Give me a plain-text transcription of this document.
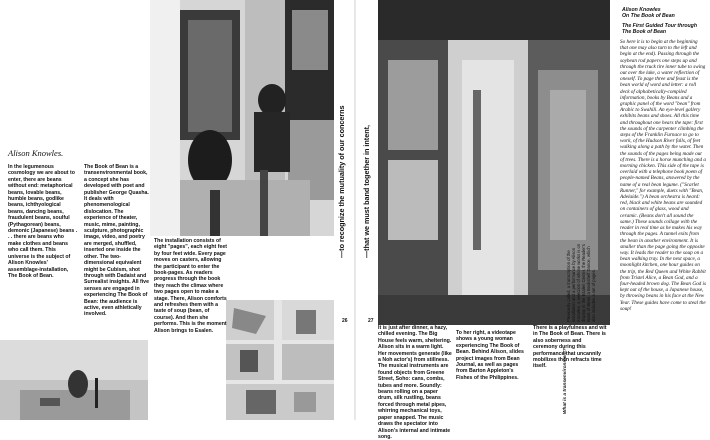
Alison Knowles.

In the legumenous cosmology we are about to enter, there are beans without end: metaphorical beans, lovable beans, humble beans, godlike beans, ichthyological beans, dancing beans, fraudulent beans, soulful (Pythagorean) beans, demonic (Japanese) beans . . . there are beans who make clothes and beans who call them. This universe is the subject of Alison Knowles' assemblage-installation, The Book of Bean.

The Book of Bean is a transenvironmental book, a concept she has developed with poet and publisher George Quasha. It deals with phenomenological dislocation. The experience of theater, music, mime, painting, sculpture, photographic image, video, and poetry are merged, shuffled, inserted one inside the other. The two-dimensional equivalent might be Cubism, shot through with Dadaist and Surrealist insights. All five senses are engaged in experiencing The Book of Bean: the audience is active, even athletically involved.

The installation consists of eight "pages", each eight feet by four feet wide. Every page moves on casters, allowing the participant to enter the book-pages. As readers progress through the book they reach the climax where two pages open to make a stage. There, Alison comforts and refreshes them with a taste of soup (bean, of course). And then she performs. This is the moment Alison brings to Esalen.

—to recognize the mutuality of our concerns —that we must band together in intent,
26	27

It is just after dinner, a hazy, chilled evening. The Big House feels warm, sheltering. Alison sits in a warm light. Her movements generate (like a Noh actor's) from stillness. The musical instruments are found objects from Greene Street, Soho: cans, combs, tubes and more. Soundly: beans rolling on a paper drum, silk rustling, beans forced through metal pipes, whirring mechanical toys, paper snapped. The music draws the spectator into Alison's internal and intimate song.

To her right, a videotape shows a young woman experiencing The Book of Bean. Behind Alison, slides project images from Bean Journal, as well as pages from Barton Appleton's Fishes of the Philippines.

There is a playfulness and wit in The Book of Bean. There is also soberness and ceremony during this performance that uncannily mobilizes then refracts time itself.

Previously called, a transcription of the installation and a performance by Alison Knowles, a selection of whose works is on display in the Esalen Center, the Reader's Book of Bean, a Bookshelf Dance, which also includes a set of pages.
What is a transenvironment?
Alison Knowles
On The Book of Bean
The First Guided Tour through The Book of Bean
So here it is to begin at the beginning that one may also turn to the left and begin at the end). Passing through the soybean rod papers one steps up and through the truck tire inner tube to swing out over the lake, a water reflection of oneself. To page three and feast is the bean world of word and letter: a roll deck of alphabetically-compiled information, books by Beans and a graphic panel of the word "bean" from Arabic to Swahili. An eye-level gallery exhibits beans and shoes. All this time and throughout one hears the tape: first the sounds of the carpenter climbing the steps of the Franklin Furnace to go to work, of the Hudson River falls, of feet walking along a path by the water. Then the sounds of the pages being made out of trees. There is a horse munching and a morning chicken. This side of the tape is overlaid with a telephone book poem of people-named Beans, answered by the name of a real bean legume. ("Scarlet Runner," for example, duets with "Bean, Adelaide.") A bean orchestra is heard: red, black and white beans are sounded on containers of glass, wood and ceramic. (Beans don't all sound the same.) These sounds collage with the reader in real time as he makes his way through the pages. A tunnel exits from the bean in another environment. It is smaller than the page going the opposite way. It leads the reader to the soup on a bean walking tray. In the next space, a moonlight kitchen, one hour guides on the trip, the Red Queen and White Rabbit from Tristel Alice, a Bean God, and a four-headed brown dog. The Bean God is kept out of the house, a Japanese house, by throwing beans in his face at the New Year. These guides have come to steal the soup!
